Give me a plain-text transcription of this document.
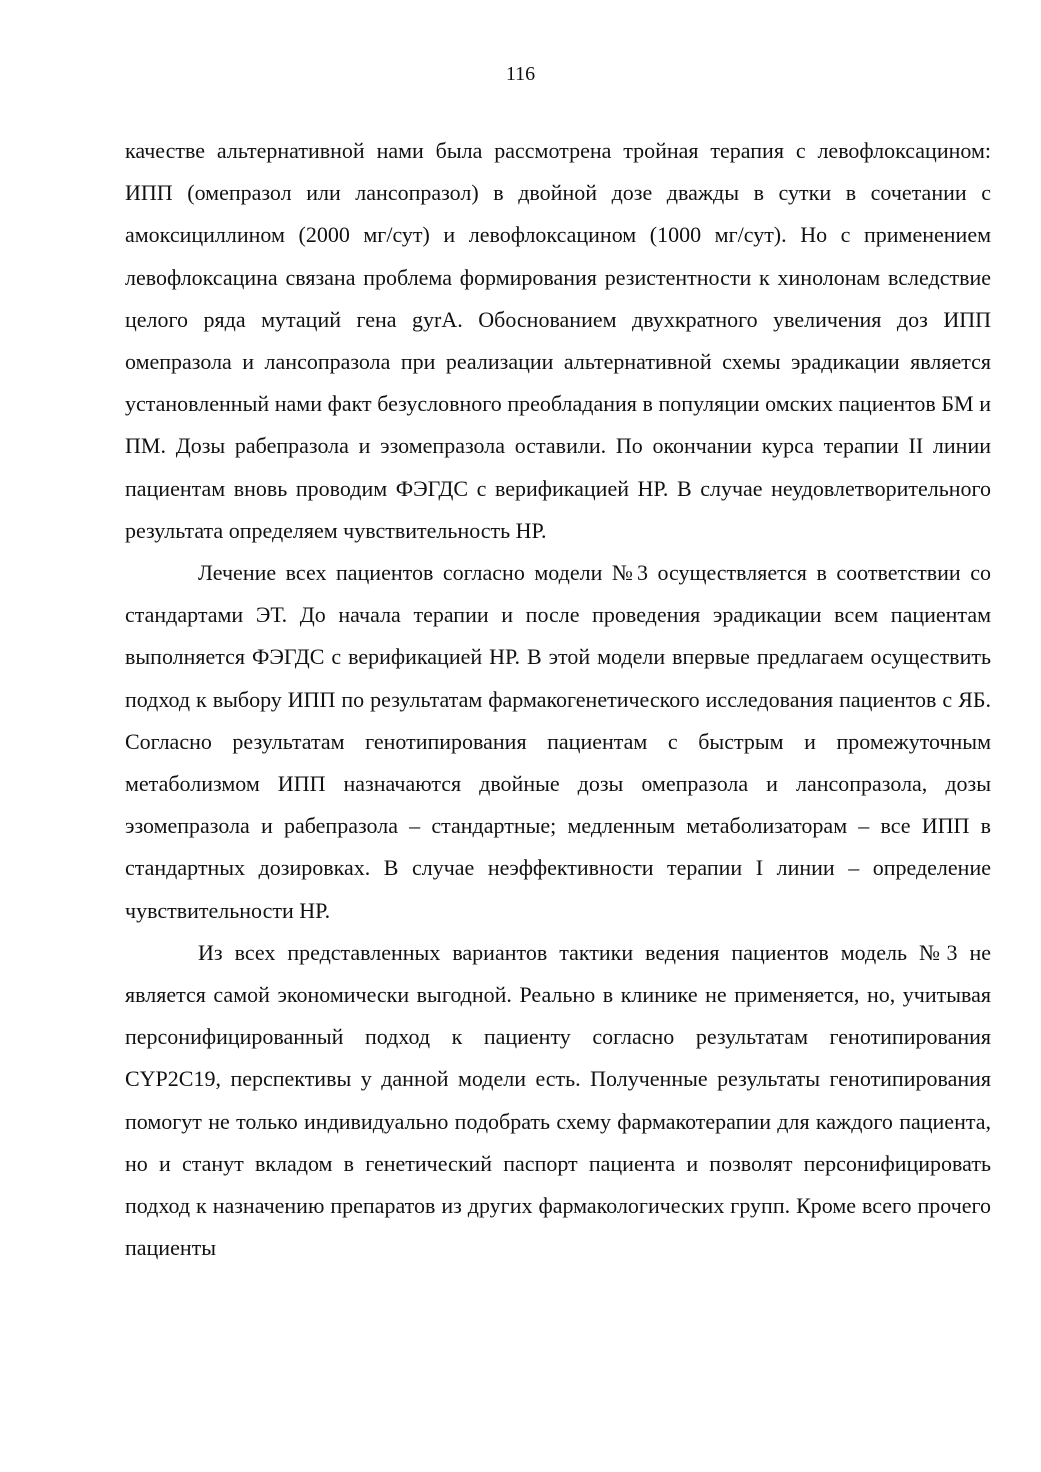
116

качестве альтернативной нами была рассмотрена тройная терапия с левофлоксацином: ИПП (омепразол или лансопразол) в двойной дозе дважды в сутки в сочетании с амоксициллином (2000 мг/сут) и левофлоксацином (1000 мг/сут). Но с применением левофлоксацина связана проблема формирования резистентности к хинолонам вследствие целого ряда мутаций гена gyrA. Обоснованием двухкратного увеличения доз ИПП омепразола и лансопразола при реализации альтернативной схемы эрадикации является установленный нами факт безусловного преобладания в популяции омских пациентов БМ и ПМ. Дозы рабепразола и эзомепразола оставили. По окончании курса терапии II линии пациентам вновь проводим ФЭГДС с верификацией НР. В случае неудовлетворительного результата определяем чувствительность НР.

Лечение всех пациентов согласно модели №3 осуществляется в соответствии со стандартами ЭТ. До начала терапии и после проведения эрадикации всем пациентам выполняется ФЭГДС с верификацией НР. В этой модели впервые предлагаем осуществить подход к выбору ИПП по результатам фармакогенетического исследования пациентов с ЯБ. Согласно результатам генотипирования пациентам с быстрым и промежуточным метаболизмом ИПП назначаются двойные дозы омепразола и лансопразола, дозы эзомепразола и рабепразола – стандартные; медленным метаболизаторам – все ИПП в стандартных дозировках. В случае неэффективности терапии I линии – определение чувствительности НР.

Из всех представленных вариантов тактики ведения пациентов модель №3 не является самой экономически выгодной. Реально в клинике не применяется, но, учитывая персонифицированный подход к пациенту согласно результатам генотипирования CYP2C19, перспективы у данной модели есть. Полученные результаты генотипирования помогут не только индивидуально подобрать схему фармакотерапии для каждого пациента, но и станут вкладом в генетический паспорт пациента и позволят персонифицировать подход к назначению препаратов из других фармакологических групп. Кроме всего прочего пациенты
